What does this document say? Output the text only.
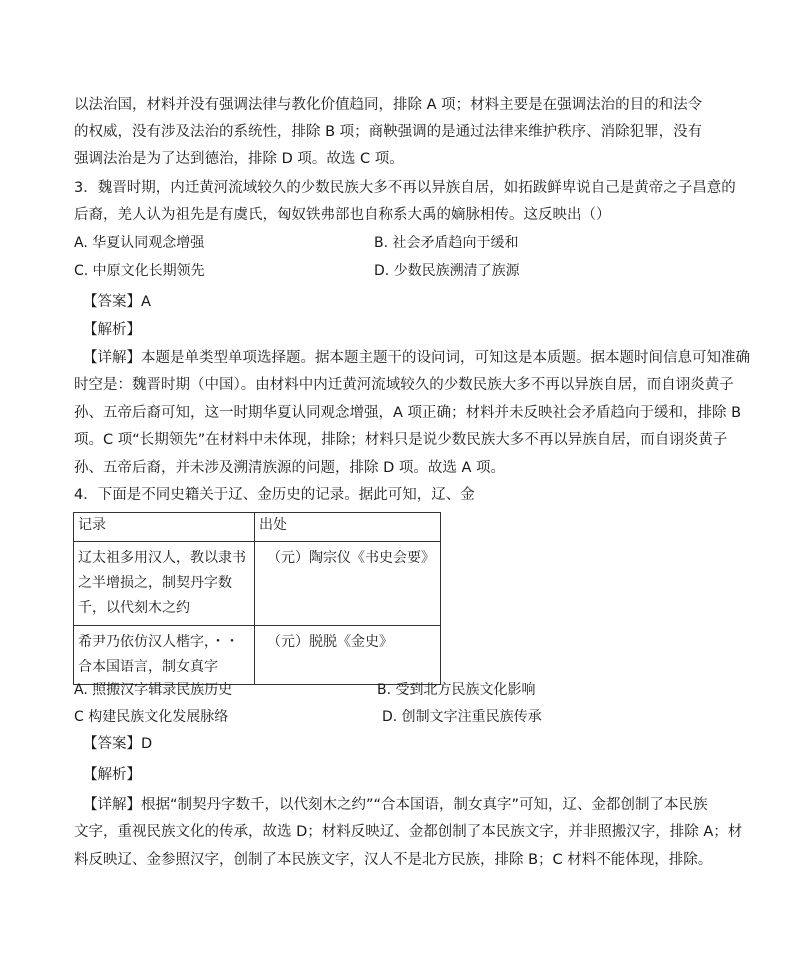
以法治国，材料并没有强调法律与教化价值趋同，排除 A 项；材料主要是在强调法治的目的和法令
的权威，没有涉及法治的系统性，排除 B 项；商鞅强调的是通过法律来维护秩序、消除犯罪，没有
强调法治是为了达到德治，排除 D 项。故选 C 项。
3．魏晋时期，内迁黄河流域较久的少数民族大多不再以异族自居，如拓跋鲜卑说自己是黄帝之子昌意的
后裔，羌人认为祖先是有虞氏，匈奴铁弗部也自称系大禹的嫡脉相传。这反映出（）
A. 华夏认同观念增强	B. 社会矛盾趋向于缓和
C. 中原文化长期领先	D. 少数民族溯清了族源
【答案】A
【解析】
【详解】本题是单类型单项选择题。据本题主题干的设问词，可知这是本质题。据本题时间信息可知准确
时空是：魏晋时期（中国）。由材料中内迁黄河流域较久的少数民族大多不再以异族自居，而自诩炎黄子
孙、五帝后裔可知，这一时期华夏认同观念增强，A 项正确；材料并未反映社会矛盾趋向于缓和，排除 B
项。C 项“长期领先”在材料中未体现，排除；材料只是说少数民族大多不再以异族自居，而自诩炎黄子
孙、五帝后裔，并未涉及溯清族源的问题，排除 D 项。故选 A 项。
4．下面是不同史籍关于辽、金历史的记录。据此可知，辽、金
记录	出处

辽太祖多用汉人，教以隶书
之半增损之，制契丹字数
千，以代刻木之约	（元）陶宗仪《书史会要》

希尹乃依仿汉人楷字，・・
合本国语言，制女真字	（元）脱脱《金史》
A. 照搬汉字辑录民族历史	B. 受到北方民族文化影响
C 构建民族文化发展脉络	D. 创制文字注重民族传承
【答案】D
【解析】
【详解】根据“制契丹字数千，以代刻木之约”“合本国语，制女真字”可知，辽、金都创制了本民族
文字，重视民族文化的传承，故选 D；材料反映辽、金都创制了本民族文字，并非照搬汉字，排除 A；材
料反映辽、金参照汉字，创制了本民族文字，汉人不是北方民族，排除 B；C 材料不能体现，排除。
